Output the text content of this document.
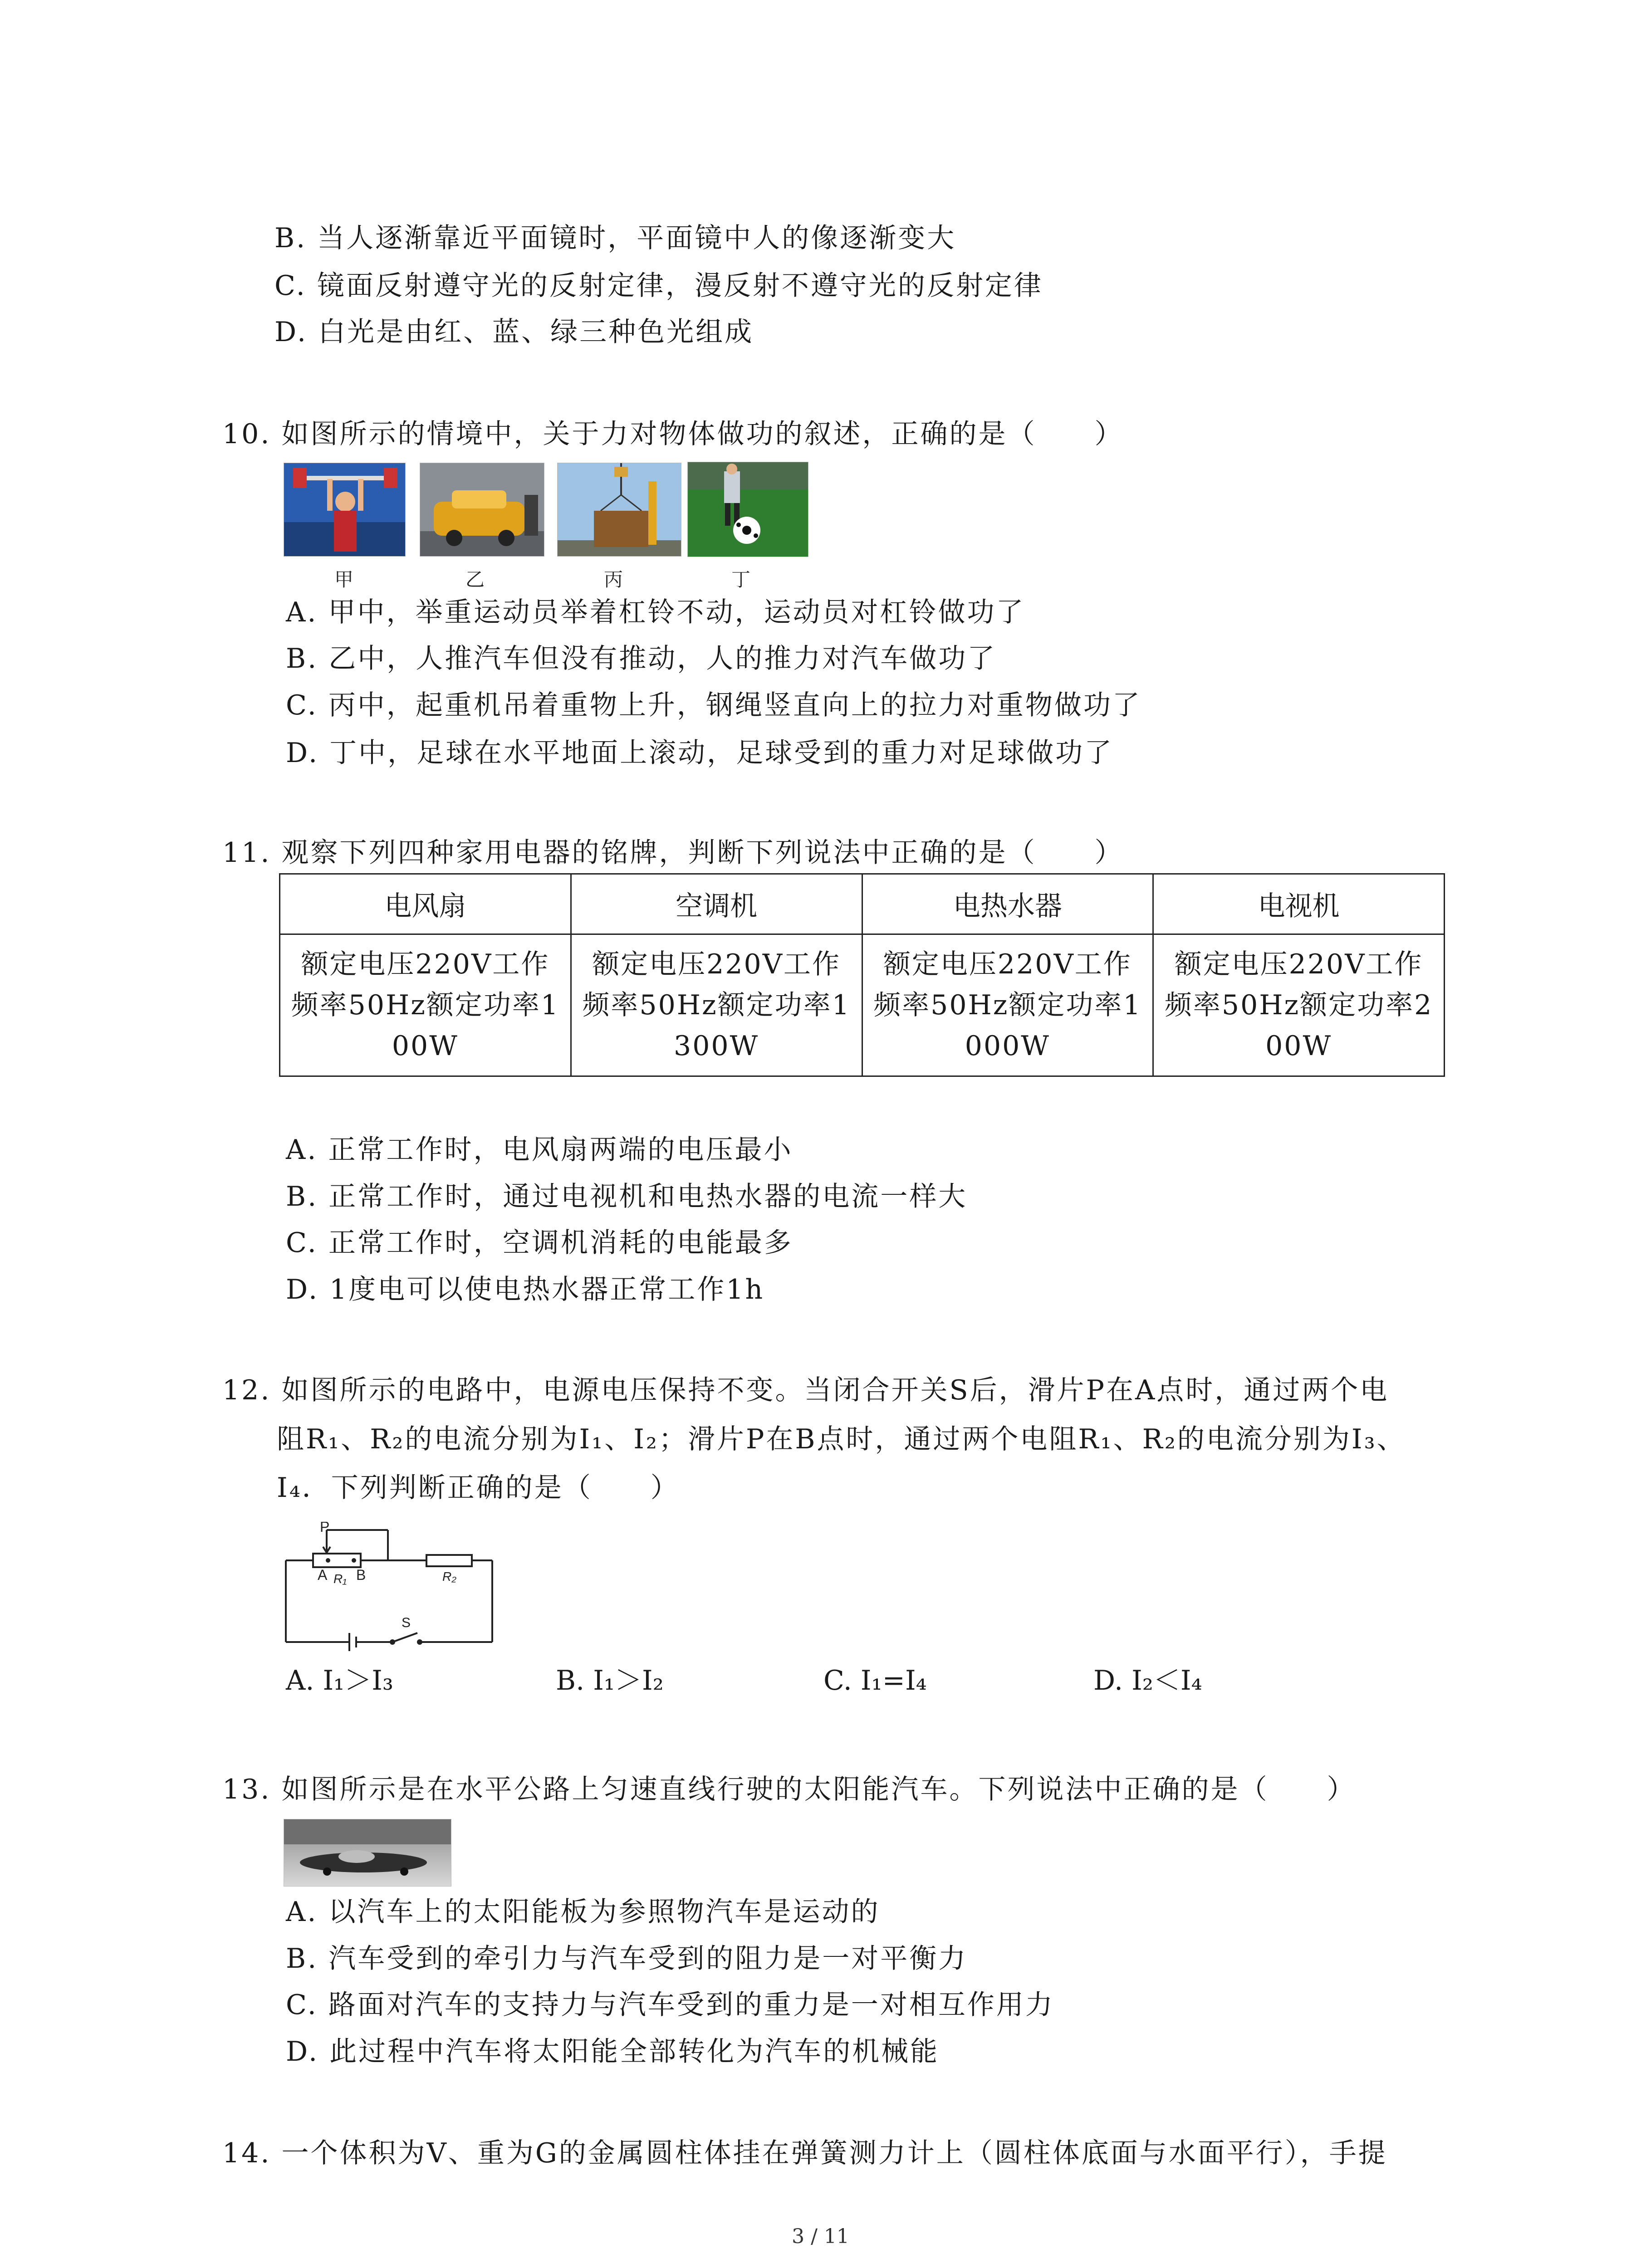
B. 当人逐渐靠近平面镜时，平面镜中人的像逐渐变大
C. 镜面反射遵守光的反射定律，漫反射不遵守光的反射定律
D. 白光是由红、蓝、绿三种色光组成
10. 如图所示的情境中，关于力对物体做功的叙述，正确的是（　　）
甲	乙	丙	丁
A. 甲中，举重运动员举着杠铃不动，运动员对杠铃做功了
B. 乙中，人推汽车但没有推动，人的推力对汽车做功了
C. 丙中，起重机吊着重物上升，钢绳竖直向上的拉力对重物做功了
D. 丁中，足球在水平地面上滚动，足球受到的重力对足球做功了
11. 观察下列四种家用电器的铭牌，判断下列说法中正确的是（　　）
电风扇	空调机	电热水器	电视机
额定电压220V工作频率50Hz额定功率100W	额定电压220V工作频率50Hz额定功率1300W	额定电压220V工作频率50Hz额定功率1000W	额定电压220V工作频率50Hz额定功率200W
A. 正常工作时，电风扇两端的电压最小
B. 正常工作时，通过电视机和电热水器的电流一样大
C. 正常工作时，空调机消耗的电能最多
D. 1度电可以使电热水器正常工作1h
12. 如图所示的电路中，电源电压保持不变。当闭合开关S后，滑片P在A点时，通过两个电
阻R₁、R₂的电流分别为I₁、I₂；滑片P在B点时，通过两个电阻R₁、R₂的电流分别为I₃、
I₄．下列判断正确的是（　　）
P
A B
R₁	R₂
S
A. I₁＞I₃	B. I₁＞I₂	C. I₁=I₄	D. I₂＜I₄
13. 如图所示是在水平公路上匀速直线行驶的太阳能汽车。下列说法中正确的是（　　）
A. 以汽车上的太阳能板为参照物汽车是运动的
B. 汽车受到的牵引力与汽车受到的阻力是一对平衡力
C. 路面对汽车的支持力与汽车受到的重力是一对相互作用力
D. 此过程中汽车将太阳能全部转化为汽车的机械能
14. 一个体积为V、重为G的金属圆柱体挂在弹簧测力计上（圆柱体底面与水面平行），手提
3 / 11
